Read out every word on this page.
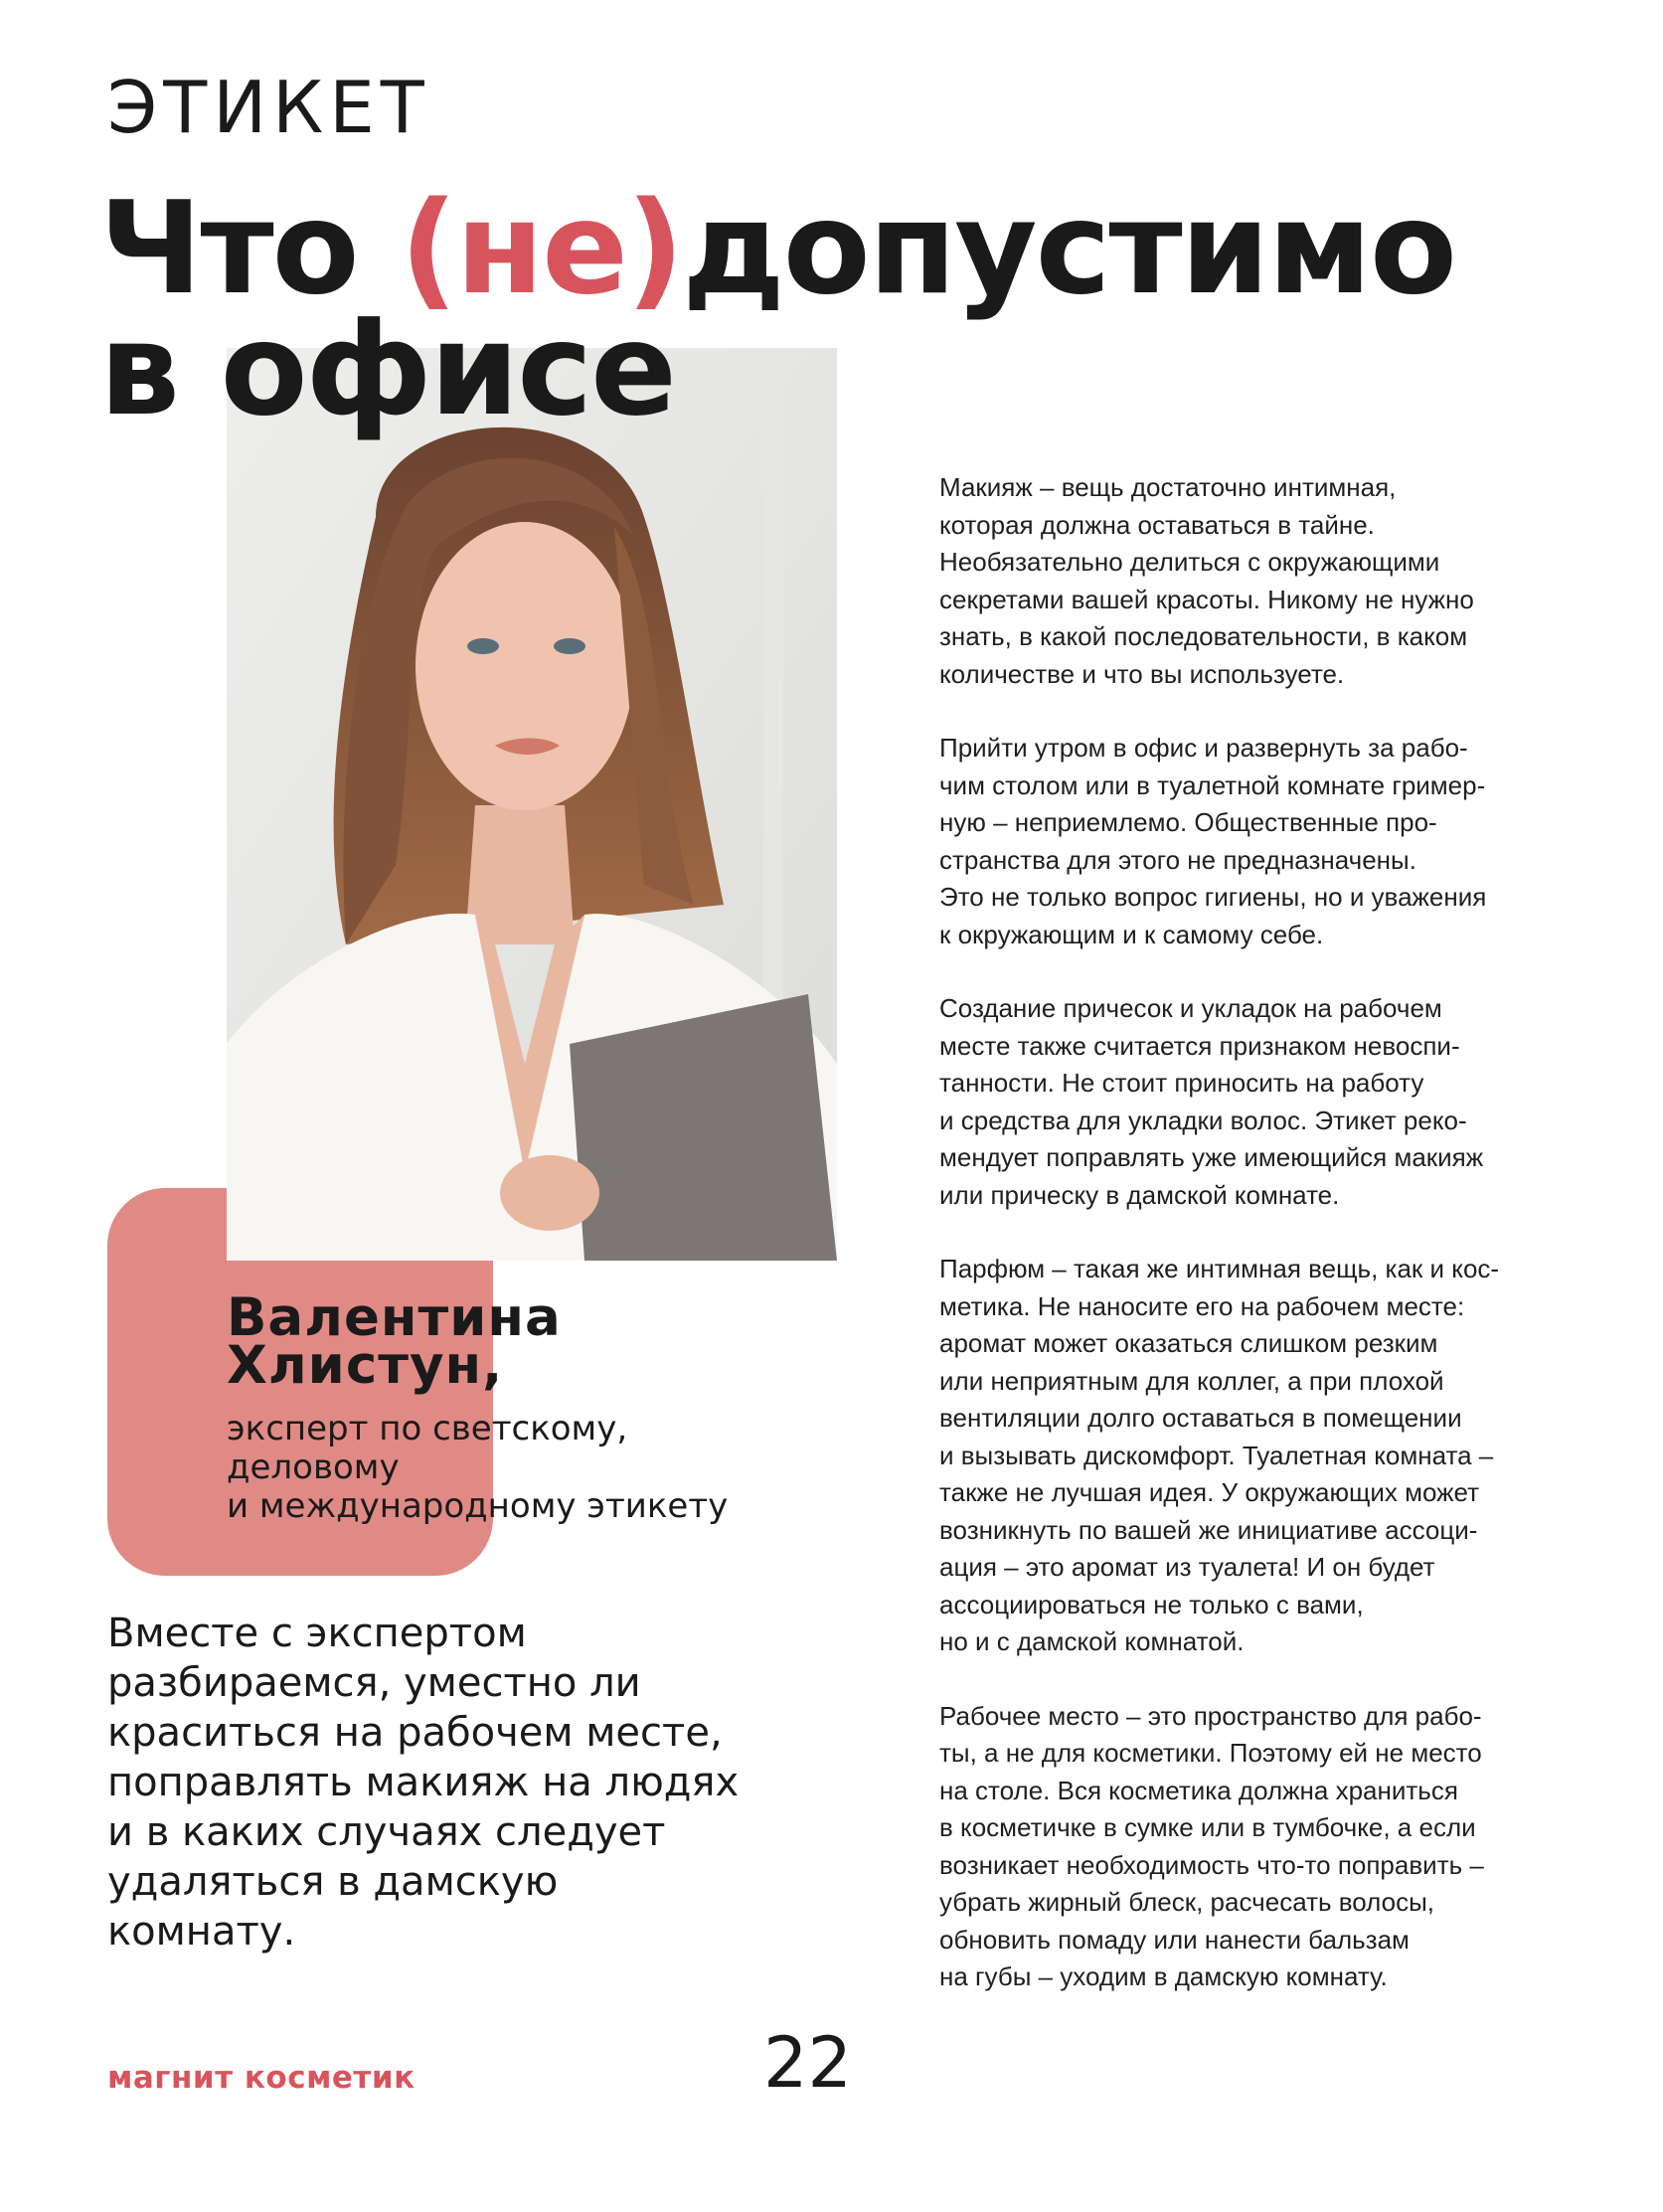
ЭТИКЕТ
Что (не)допустимо
в офисе
Валентина
Хлистун,
эксперт по светскому,
деловому
и международному этикету
Вместе с экспертом
разбираемся, уместно ли
краситься на рабочем месте,
поправлять макияж на людях
и в каких случаях следует
удаляться в дамскую
комнату.

Макияж – вещь достаточно интимная,
которая должна оставаться в тайне.
Необязательно делиться с окружающими
секретами вашей красоты. Никому не нужно
знать, в какой последовательности, в каком
количестве и что вы используете.

Прийти утром в офис и развернуть за рабо-
чим столом или в туалетной комнате гример-
ную – неприемлемо. Общественные про-
странства для этого не предназначены.
Это не только вопрос гигиены, но и уважения
к окружающим и к самому себе.

Создание причесок и укладок на рабочем
месте также считается признаком невоспи-
танности. Не стоит приносить на работу
и средства для укладки волос. Этикет реко-
мендует поправлять уже имеющийся макияж
или прическу в дамской комнате.

Парфюм – такая же интимная вещь, как и кос-
метика. Не наносите его на рабочем месте:
аромат может оказаться слишком резким
или неприятным для коллег, а при плохой
вентиляции долго оставаться в помещении
и вызывать дискомфорт. Туалетная комната –
также не лучшая идея. У окружающих может
возникнуть по вашей же инициативе ассоци-
ация – это аромат из туалета! И он будет
ассоциироваться не только с вами,
но и с дамской комнатой.

Рабочее место – это пространство для рабо-
ты, а не для косметики. Поэтому ей не место
на столе. Вся косметика должна храниться
в косметичке в сумке или в тумбочке, а если
возникает необходимость что-то поправить –
убрать жирный блеск, расчесать волосы,
обновить помаду или нанести бальзам
на губы – уходим в дамскую комнату.

магнит косметик	22
